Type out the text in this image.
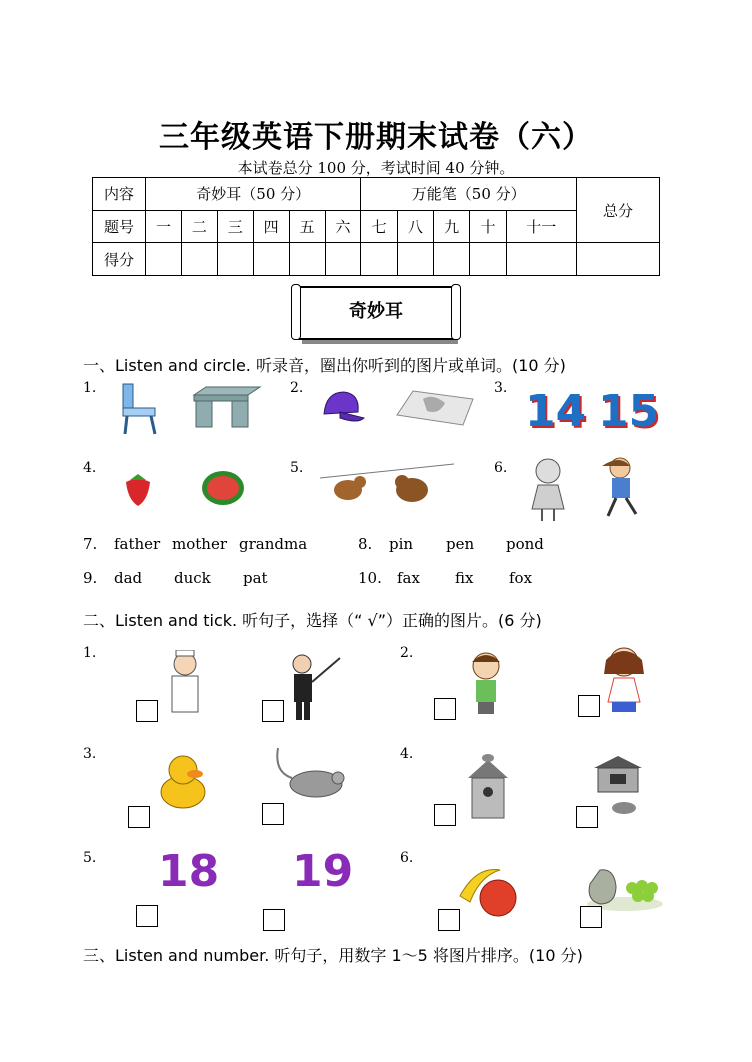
三年级英语下册期末试卷（六）
本试卷总分 100 分，考试时间 40 分钟。
内容	奇妙耳（50 分）						万能笔（50 分）					总分
题号	一	二	三	四	五	六	七	八	九	十	十一	
得分												
奇妙耳
一、Listen and circle. 听录音，圈出你听到的图片或单词。(10 分)
1.	2.	3.
4.	5.	6.
14 15
7. father mother grandma	8. pin pen pond
9. dad duck pat	10. fax fix fox
二、Listen and tick. 听句子，选择（“ √”）正确的图片。(6 分)
1.	2.
3.	4.
5.	6.
18 19
三、Listen and number. 听句子，用数字 1～5 将图片排序。(10 分)
